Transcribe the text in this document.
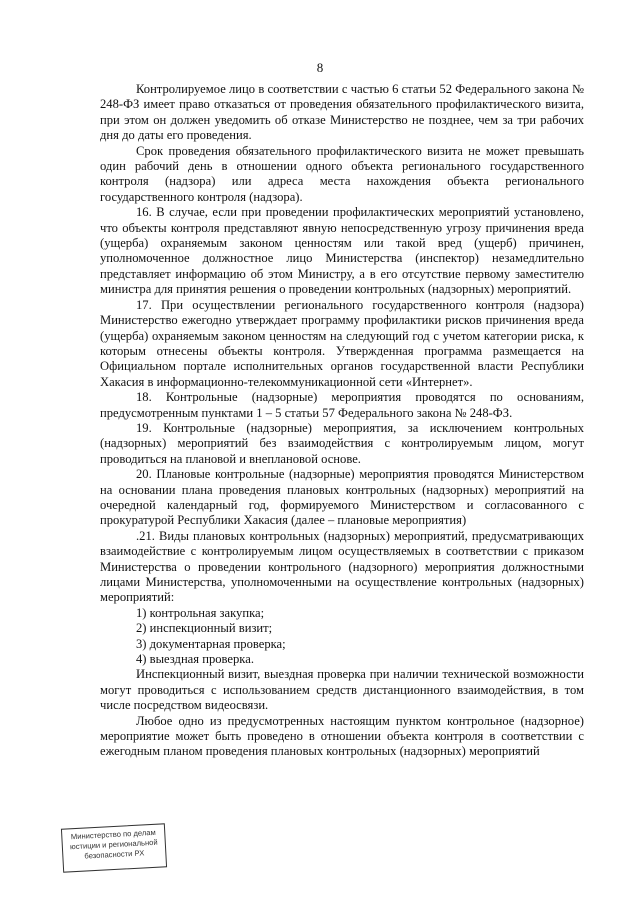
8

Контролируемое лицо в соответствии с частью 6 статьи 52 Федерального закона № 248-ФЗ имеет право отказаться от проведения обязательного профилактического визита, при этом он должен уведомить об отказе Министерство не позднее, чем за три рабочих дня до даты его проведения.

Срок проведения обязательного профилактического визита не может превышать один рабочий день в отношении одного объекта регионального государственного контроля (надзора) или адреса места нахождения объекта регионального государственного контроля (надзора).

16. В случае, если при проведении профилактических мероприятий установлено, что объекты контроля представляют явную непосредственную угрозу причинения вреда (ущерба) охраняемым законом ценностям или такой вред (ущерб) причинен, уполномоченное должностное лицо Министерства (инспектор) незамедлительно представляет информацию об этом Министру, а в его отсутствие первому заместителю министра для принятия решения о проведении контрольных (надзорных) мероприятий.

17. При осуществлении регионального государственного контроля (надзора) Министерство ежегодно утверждает программу профилактики рисков причинения вреда (ущерба) охраняемым законом ценностям на следующий год с учетом категории риска, к которым отнесены объекты контроля. Утвержденная программа размещается на Официальном портале исполнительных органов государственной власти Республики Хакасия в информационно-телекоммуникационной сети «Интернет».

18. Контрольные (надзорные) мероприятия проводятся по основаниям, предусмотренным пунктами 1 – 5 статьи 57 Федерального закона № 248-ФЗ.

19. Контрольные (надзорные) мероприятия, за исключением контрольных (надзорных) мероприятий без взаимодействия с контролируемым лицом, могут проводиться на плановой и внеплановой основе.

20. Плановые контрольные (надзорные) мероприятия проводятся Министерством на основании плана проведения плановых контрольных (надзорных) мероприятий на очередной календарный год, формируемого Министерством и согласованного с прокуратурой Республики Хакасия (далее – плановые мероприятия)

.21. Виды плановых контрольных (надзорных) мероприятий, предусматривающих взаимодействие с контролируемым лицом осуществляемых в соответствии с приказом Министерства о проведении контрольного (надзорного) мероприятия должностными лицами Министерства, уполномоченными на осуществление контрольных (надзорных) мероприятий:

1) контрольная закупка;

2) инспекционный визит;

3) документарная проверка;

4) выездная проверка.

Инспекционный визит, выездная проверка при наличии технической возможности могут проводиться с использованием средств дистанционного взаимодействия, в том числе посредством видеосвязи.

Любое одно из предусмотренных настоящим пунктом контрольное (надзорное) мероприятие может быть проведено в отношении объекта контроля в соответствии с ежегодным планом проведения плановых контрольных (надзорных) мероприятий

Министерство по делам
юстиции и региональной
безопасности РХ
